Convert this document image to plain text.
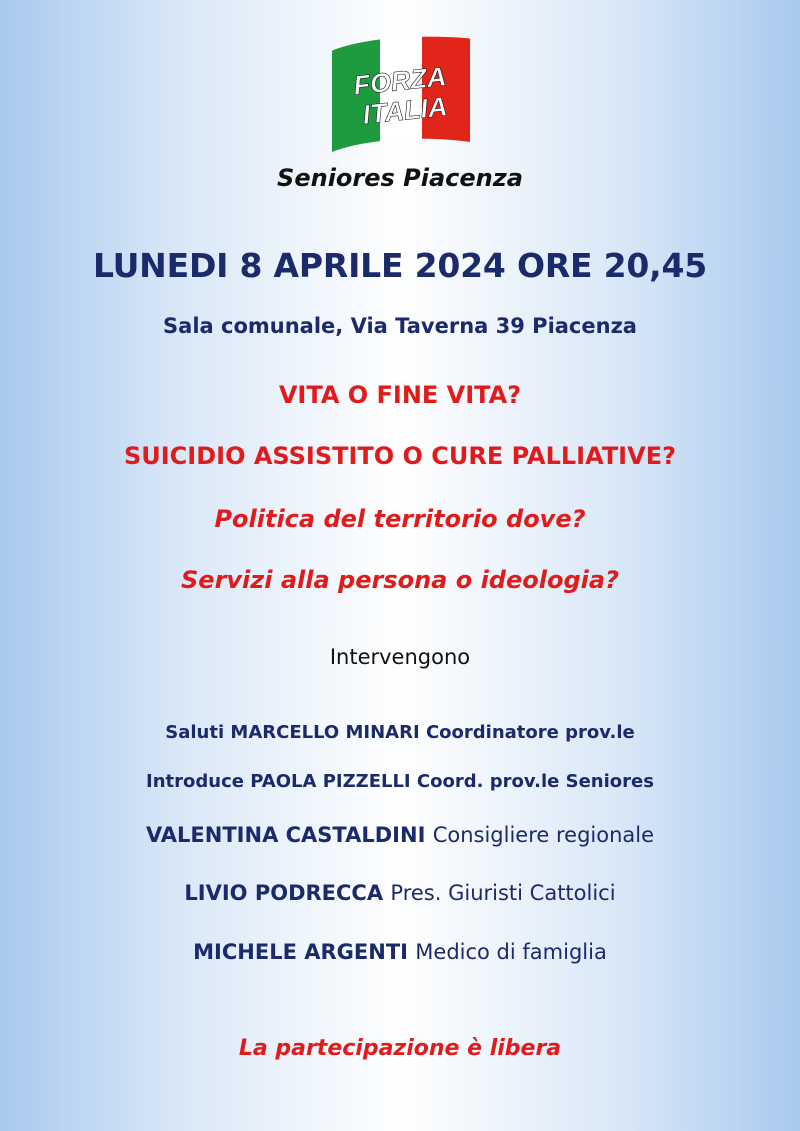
FORZA
ITALIA
Seniores Piacenza
LUNEDI 8 APRILE 2024 ORE 20,45
Sala comunale, Via Taverna 39 Piacenza
VITA O FINE VITA?
SUICIDIO ASSISTITO O CURE PALLIATIVE?
Politica del territorio dove?
Servizi alla persona o ideologia?
Intervengono
Saluti MARCELLO MINARI Coordinatore prov.le
Introduce PAOLA PIZZELLI Coord. prov.le Seniores
VALENTINA CASTALDINI Consigliere regionale
LIVIO PODRECCA Pres. Giuristi Cattolici
MICHELE ARGENTI Medico di famiglia
La partecipazione è libera
